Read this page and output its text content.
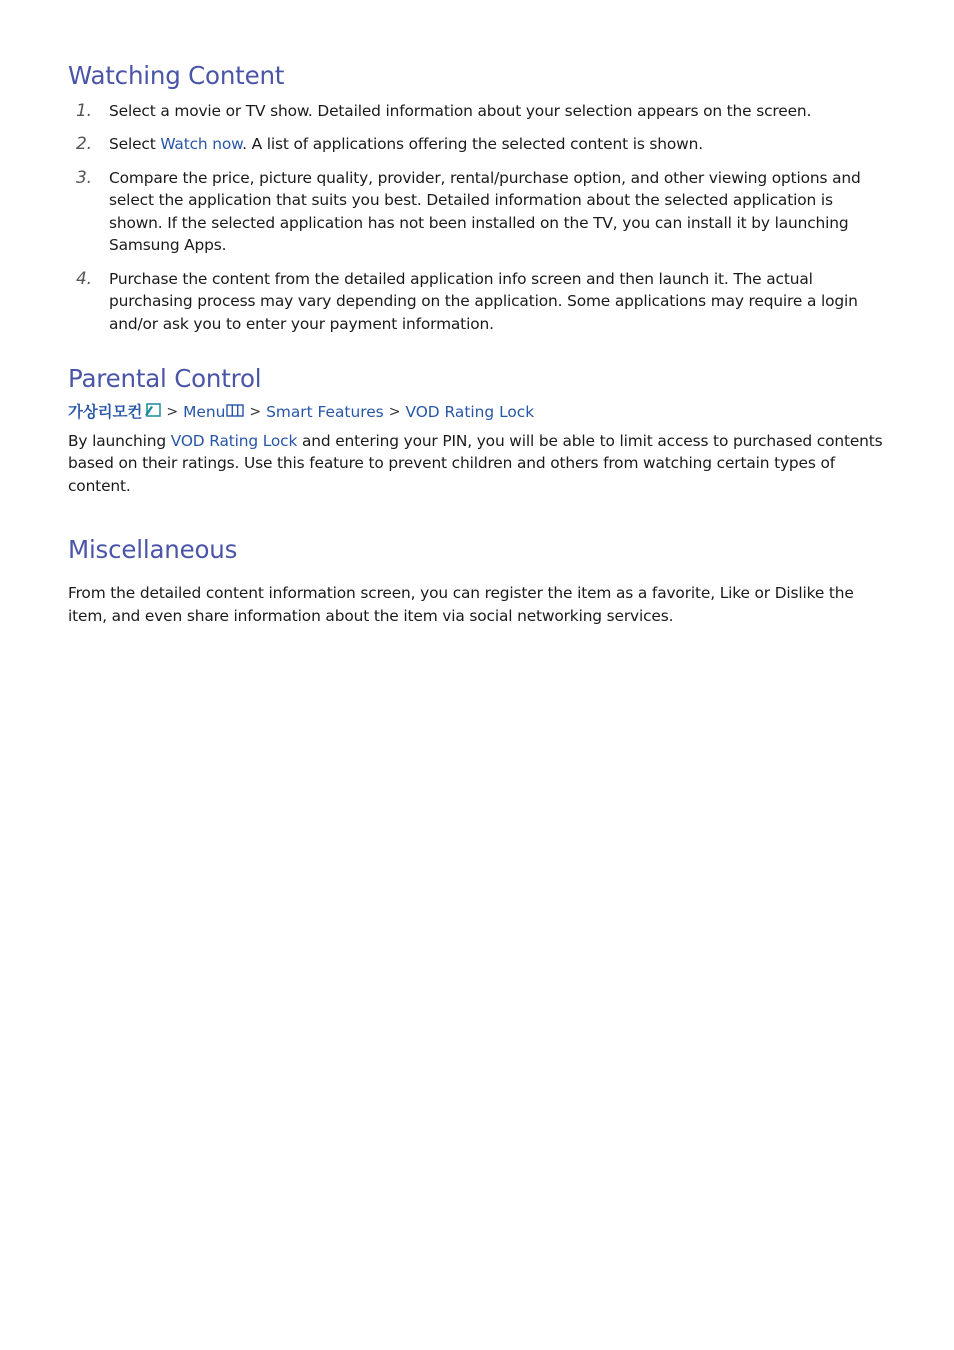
Watching Content
1. Select a movie or TV show. Detailed information about your selection appears on the screen.
2. Select Watch now. A list of applications offering the selected content is shown.
3. Compare the price, picture quality, provider, rental/purchase option, and other viewing options and select the application that suits you best. Detailed information about the selected application is shown. If the selected application has not been installed on the TV, you can install it by launching Samsung Apps.
4. Purchase the content from the detailed application info screen and then launch it. The actual purchasing process may vary depending on the application. Some applications may require a login and/or ask you to enter your payment information.
Parental Control
가상리모컨 > Menu > Smart Features > VOD Rating Lock
By launching VOD Rating Lock and entering your PIN, you will be able to limit access to purchased contents based on their ratings. Use this feature to prevent children and others from watching certain types of content.
Miscellaneous
From the detailed content information screen, you can register the item as a favorite, Like or Dislike the item, and even share information about the item via social networking services.
